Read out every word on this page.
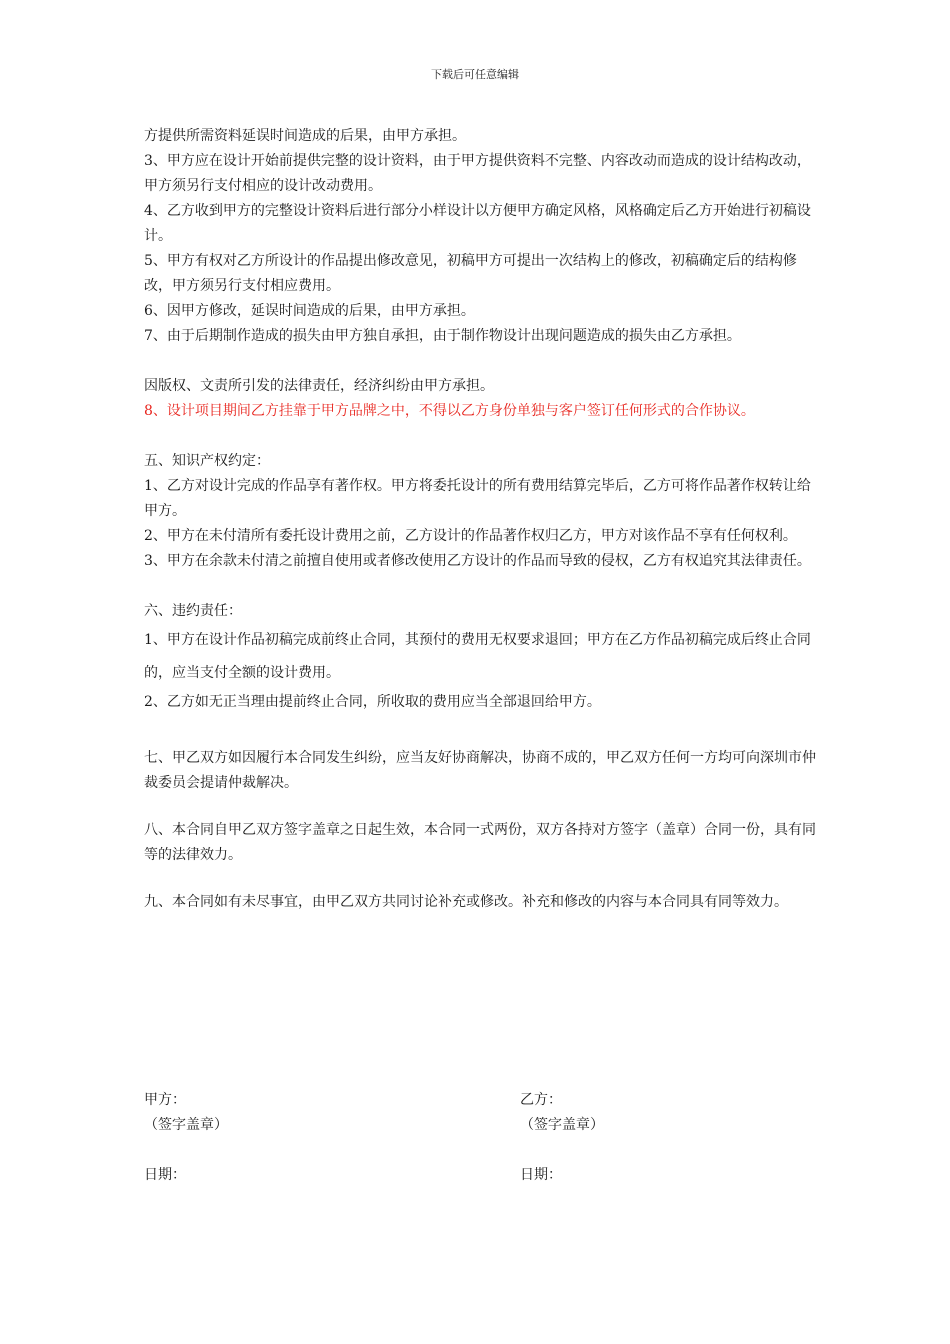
下载后可任意编辑

方提供所需资料延误时间造成的后果，由甲方承担。

3、甲方应在设计开始前提供完整的设计资料，由于甲方提供资料不完整、内容改动而造成的设计结构改动，甲方须另行支付相应的设计改动费用。

4、乙方收到甲方的完整设计资料后进行部分小样设计以方便甲方确定风格，风格确定后乙方开始进行初稿设计。

5、甲方有权对乙方所设计的作品提出修改意见，初稿甲方可提出一次结构上的修改，初稿确定后的结构修改，甲方须另行支付相应费用。

6、因甲方修改，延误时间造成的后果，由甲方承担。

7、由于后期制作造成的损失由甲方独自承担，由于制作物设计出现问题造成的损失由乙方承担。

因版权、文责所引发的法律责任，经济纠纷由甲方承担。

8、设计项目期间乙方挂靠于甲方品牌之中，不得以乙方身份单独与客户签订任何形式的合作协议。

五、知识产权约定：

1、乙方对设计完成的作品享有著作权。甲方将委托设计的所有费用结算完毕后，乙方可将作品著作权转让给甲方。

2、甲方在未付清所有委托设计费用之前，乙方设计的作品著作权归乙方，甲方对该作品不享有任何权利。

3、甲方在余款未付清之前擅自使用或者修改使用乙方设计的作品而导致的侵权，乙方有权追究其法律责任。

六、违约责任：

1、甲方在设计作品初稿完成前终止合同，其预付的费用无权要求退回；甲方在乙方作品初稿完成后终止合同的，应当支付全额的设计费用。

2、乙方如无正当理由提前终止合同，所收取的费用应当全部退回给甲方。

七、甲乙双方如因履行本合同发生纠纷，应当友好协商解决，协商不成的，甲乙双方任何一方均可向深圳市仲裁委员会提请仲裁解决。

八、本合同自甲乙双方签字盖章之日起生效，本合同一式两份，双方各持对方签字（盖章）合同一份，具有同等的法律效力。

九、本合同如有未尽事宜，由甲乙双方共同讨论补充或修改。补充和修改的内容与本合同具有同等效力。

甲方：
（签字盖章）
日期：
乙方：
（签字盖章）
日期：
